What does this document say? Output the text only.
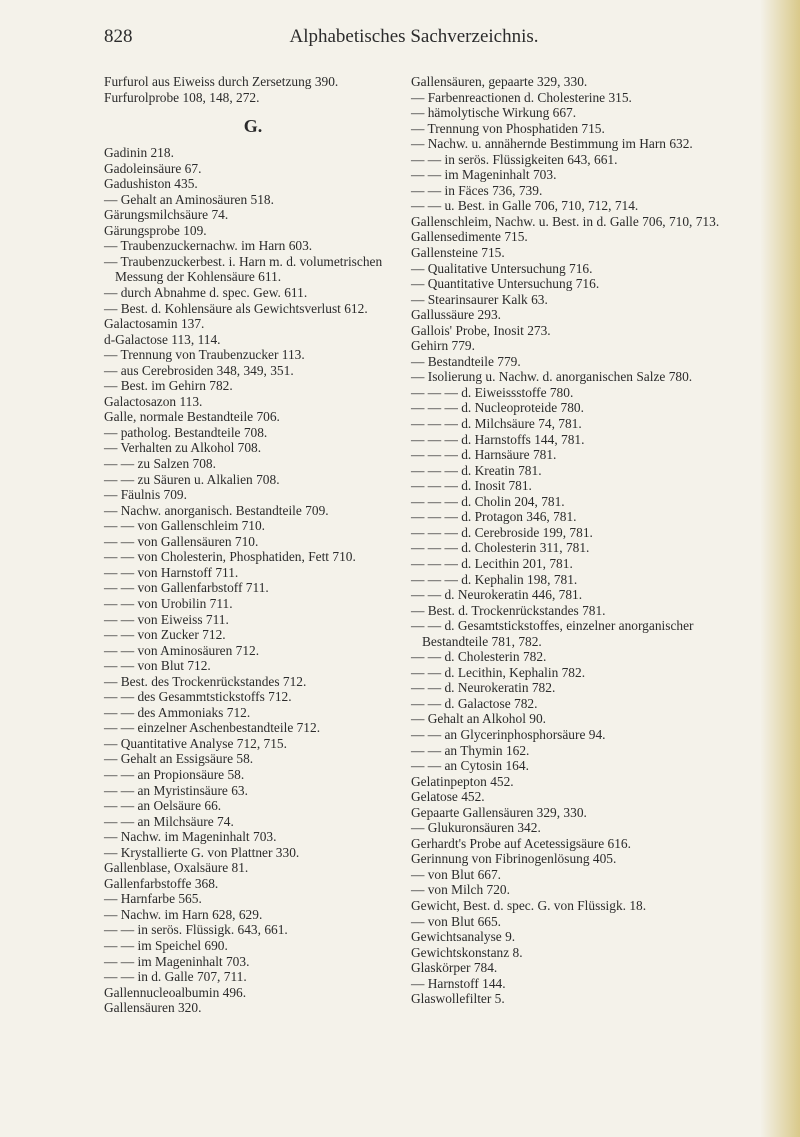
828	Alphabetisches Sachverzeichnis.

Furfurol aus Eiweiss durch Zersetzung 390.

Furfurolprobe 108, 148, 272.

G.

Gadinin 218.

Gadoleinsäure 67.

Gadushiston 435.

— Gehalt an Aminosäuren 518.

Gärungsmilchsäure 74.

Gärungsprobe 109.

— Traubenzuckernachw. im Harn 603.

— Traubenzuckerbest. i. Harn m. d. volumetrischen Messung der Kohlensäure 611.

— durch Abnahme d. spec. Gew. 611.

— Best. d. Kohlensäure als Gewichtsverlust 612.

Galactosamin 137.

d-Galactose 113, 114.

— Trennung von Traubenzucker 113.

— aus Cerebrosiden 348, 349, 351.

— Best. im Gehirn 782.

Galactosazon 113.

Galle, normale Bestandteile 706.

— patholog. Bestandteile 708.

— Verhalten zu Alkohol 708.

— — zu Salzen 708.

— — zu Säuren u. Alkalien 708.

— Fäulnis 709.

— Nachw. anorganisch. Bestandteile 709.

— — von Gallenschleim 710.

— — von Gallensäuren 710.

— — von Cholesterin, Phosphatiden, Fett 710.

— — von Harnstoff 711.

— — von Gallenfarbstoff 711.

— — von Urobilin 711.

— — von Eiweiss 711.

— — von Zucker 712.

— — von Aminosäuren 712.

— — von Blut 712.

— Best. des Trockenrückstandes 712.

— — des Gesammtstickstoffs 712.

— — des Ammoniaks 712.

— — einzelner Aschenbestandteile 712.

— Quantitative Analyse 712, 715.

— Gehalt an Essigsäure 58.

— — an Propionsäure 58.

— — an Myristinsäure 63.

— — an Oelsäure 66.

— — an Milchsäure 74.

— Nachw. im Mageninhalt 703.

— Krystallierte G. von Plattner 330.

Gallenblase, Oxalsäure 81.

Gallenfarbstoffe 368.

— Harnfarbe 565.

— Nachw. im Harn 628, 629.

— — in serös. Flüssigk. 643, 661.

— — im Speichel 690.

— — im Mageninhalt 703.

— — in d. Galle 707, 711.

Gallennucleoalbumin 496.

Gallensäuren 320.

Gallensäuren, gepaarte 329, 330.

— Farbenreactionen d. Cholesterine 315.

— hämolytische Wirkung 667.

— Trennung von Phosphatiden 715.

— Nachw. u. annähernde Bestimmung im Harn 632.

— — in serös. Flüssigkeiten 643, 661.

— — im Mageninhalt 703.

— — in Fäces 736, 739.

— — u. Best. in Galle 706, 710, 712, 714.

Gallenschleim, Nachw. u. Best. in d. Galle 706, 710, 713.

Gallensedimente 715.

Gallensteine 715.

— Qualitative Untersuchung 716.

— Quantitative Untersuchung 716.

— Stearinsaurer Kalk 63.

Gallussäure 293.

Gallois' Probe, Inosit 273.

Gehirn 779.

— Bestandteile 779.

— Isolierung u. Nachw. d. anorganischen Salze 780.

— — — d. Eiweissstoffe 780.

— — — d. Nucleoproteide 780.

— — — d. Milchsäure 74, 781.

— — — d. Harnstoffs 144, 781.

— — — d. Harnsäure 781.

— — — d. Kreatin 781.

— — — d. Inosit 781.

— — — d. Cholin 204, 781.

— — — d. Protagon 346, 781.

— — — d. Cerebroside 199, 781.

— — — d. Cholesterin 311, 781.

— — — d. Lecithin 201, 781.

— — — d. Kephalin 198, 781.

— — d. Neurokeratin 446, 781.

— Best. d. Trockenrückstandes 781.

— — d. Gesamtstickstoffes, einzelner anorganischer Bestandteile 781, 782.

— — d. Cholesterin 782.

— — d. Lecithin, Kephalin 782.

— — d. Neurokeratin 782.

— — d. Galactose 782.

— Gehalt an Alkohol 90.

— — an Glycerinphosphorsäure 94.

— — an Thymin 162.

— — an Cytosin 164.

Gelatinpepton 452.

Gelatose 452.

Gepaarte Gallensäuren 329, 330.

— Glukuronsäuren 342.

Gerhardt's Probe auf Acetessigsäure 616.

Gerinnung von Fibrinogenlösung 405.

— von Blut 667.

— von Milch 720.

Gewicht, Best. d. spec. G. von Flüssigk. 18.

— von Blut 665.

Gewichtsanalyse 9.

Gewichtskonstanz 8.

Glaskörper 784.

— Harnstoff 144.

Glaswollefilter 5.
